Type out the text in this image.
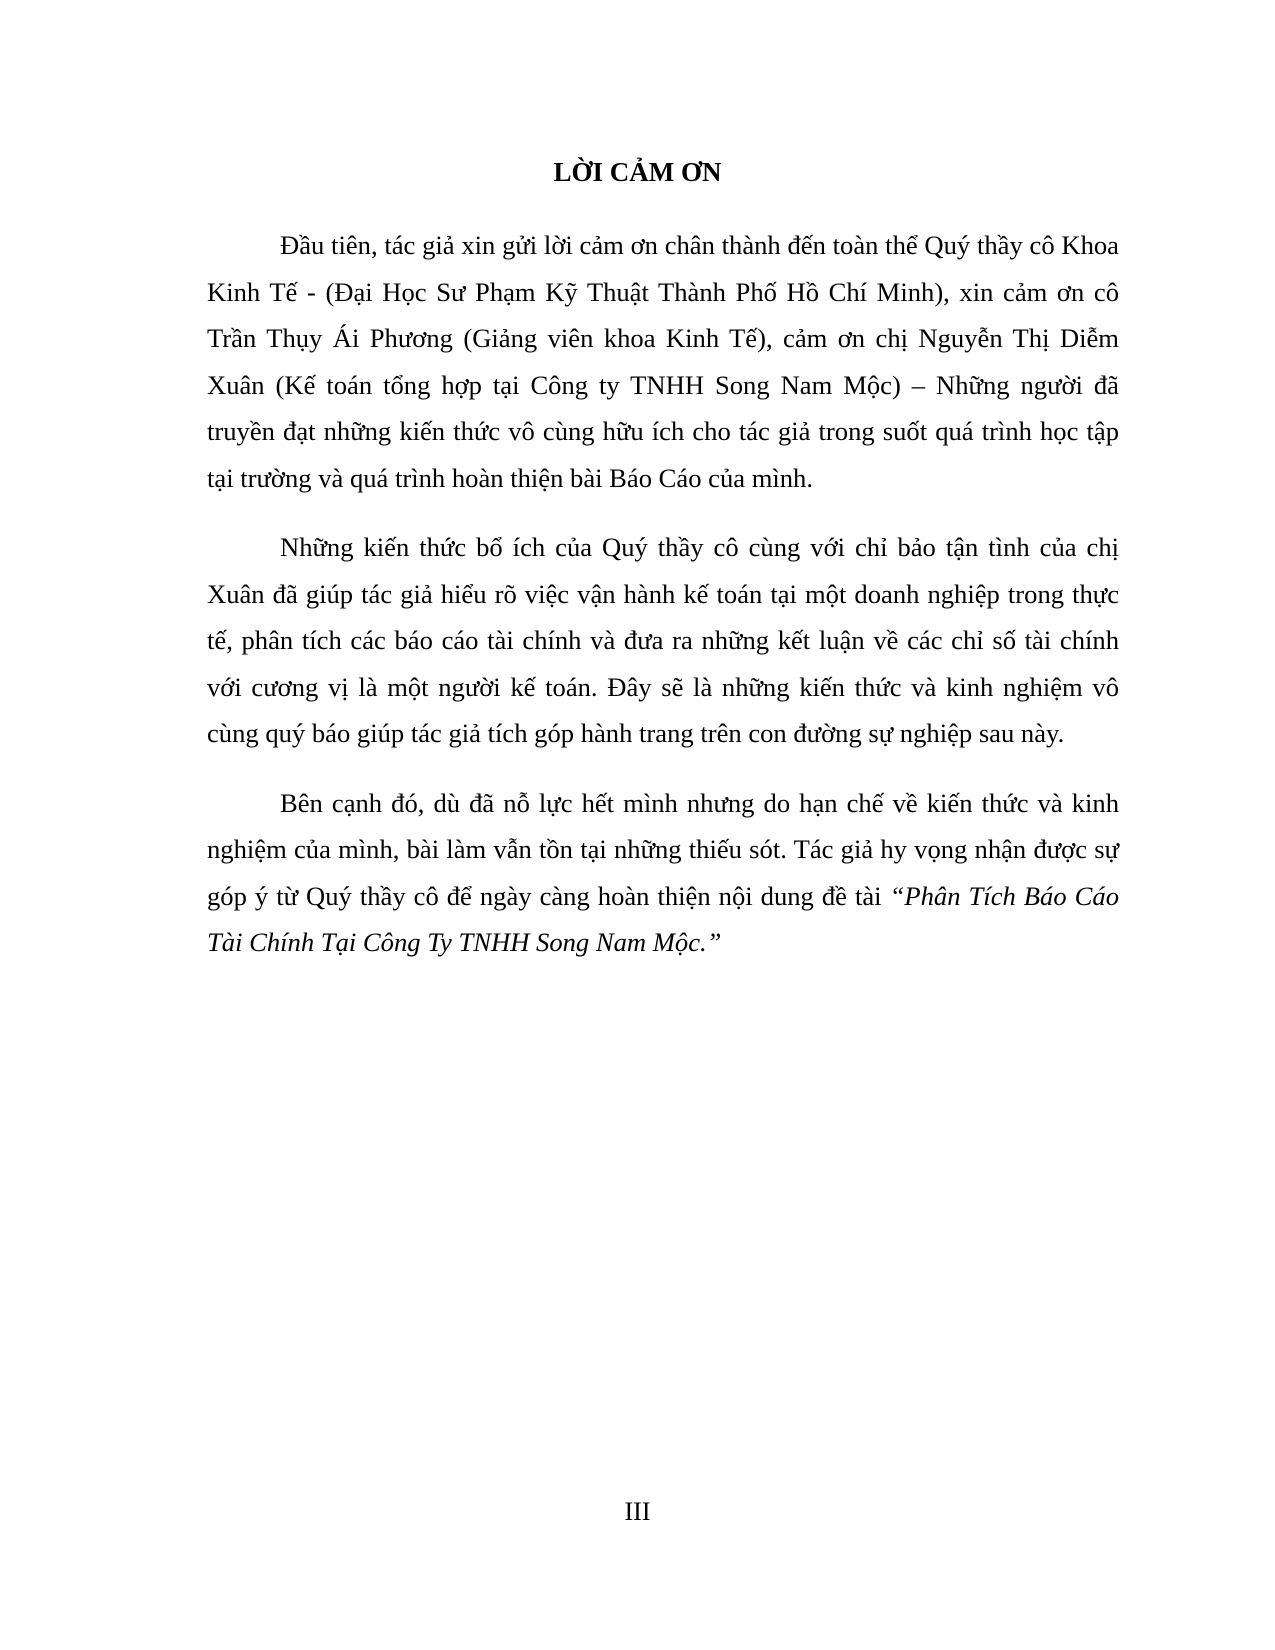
LỜI CẢM ƠN

Đầu tiên, tác giả xin gửi lời cảm ơn chân thành đến toàn thể Quý thầy cô Khoa Kinh Tế - (Đại Học Sư Phạm Kỹ Thuật Thành Phố Hồ Chí Minh), xin cảm ơn cô Trần Thụy Ái Phương (Giảng viên khoa Kinh Tế), cảm ơn chị Nguyễn Thị Diễm Xuân (Kế toán tổng hợp tại Công ty TNHH Song Nam Mộc) – Những người đã truyền đạt những kiến thức vô cùng hữu ích cho tác giả trong suốt quá trình học tập tại trường và quá trình hoàn thiện bài Báo Cáo của mình.

Những kiến thức bổ ích của Quý thầy cô cùng với chỉ bảo tận tình của chị Xuân đã giúp tác giả hiểu rõ việc vận hành kế toán tại một doanh nghiệp trong thực tế, phân tích các báo cáo tài chính và đưa ra những kết luận về các chỉ số tài chính với cương vị là một người kế toán. Đây sẽ là những kiến thức và kinh nghiệm vô cùng quý báo giúp tác giả tích góp hành trang trên con đường sự nghiệp sau này.

Bên cạnh đó, dù đã nỗ lực hết mình nhưng do hạn chế về kiến thức và kinh nghiệm của mình, bài làm vẫn tồn tại những thiếu sót. Tác giả hy vọng nhận được sự góp ý từ Quý thầy cô để ngày càng hoàn thiện nội dung đề tài “Phân Tích Báo Cáo Tài Chính Tại Công Ty TNHH Song Nam Mộc.”

III
